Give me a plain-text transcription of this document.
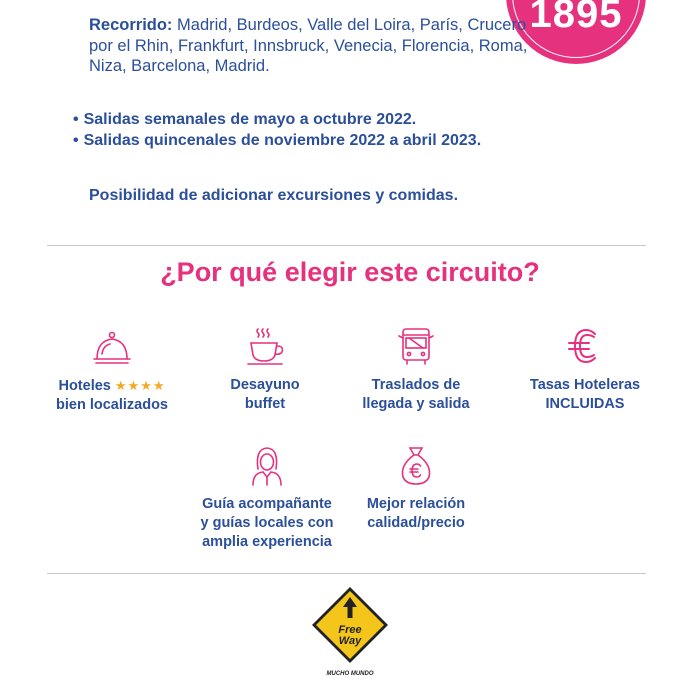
1895

Recorrido: Madrid, Burdeos, Valle del Loira, París, Crucero por el Rhin, Frankfurt, Innsbruck, Venecia, Florencia, Roma, Niza, Barcelona, Madrid.

• Salidas semanales de mayo a octubre 2022.
• Salidas quincenales de noviembre 2022 a abril 2023.

Posibilidad de adicionar excursiones y comidas.

¿Por qué elegir este circuito?
Hoteles ★★★★
bien localizados
Desayuno
buffet
Traslados de
llegada y salida
Tasas Hoteleras
INCLUIDAS
Guía acompañante
y guías locales con
amplia experiencia
Mejor relación
calidad/precio
Free
Way
MUCHO MUNDO
